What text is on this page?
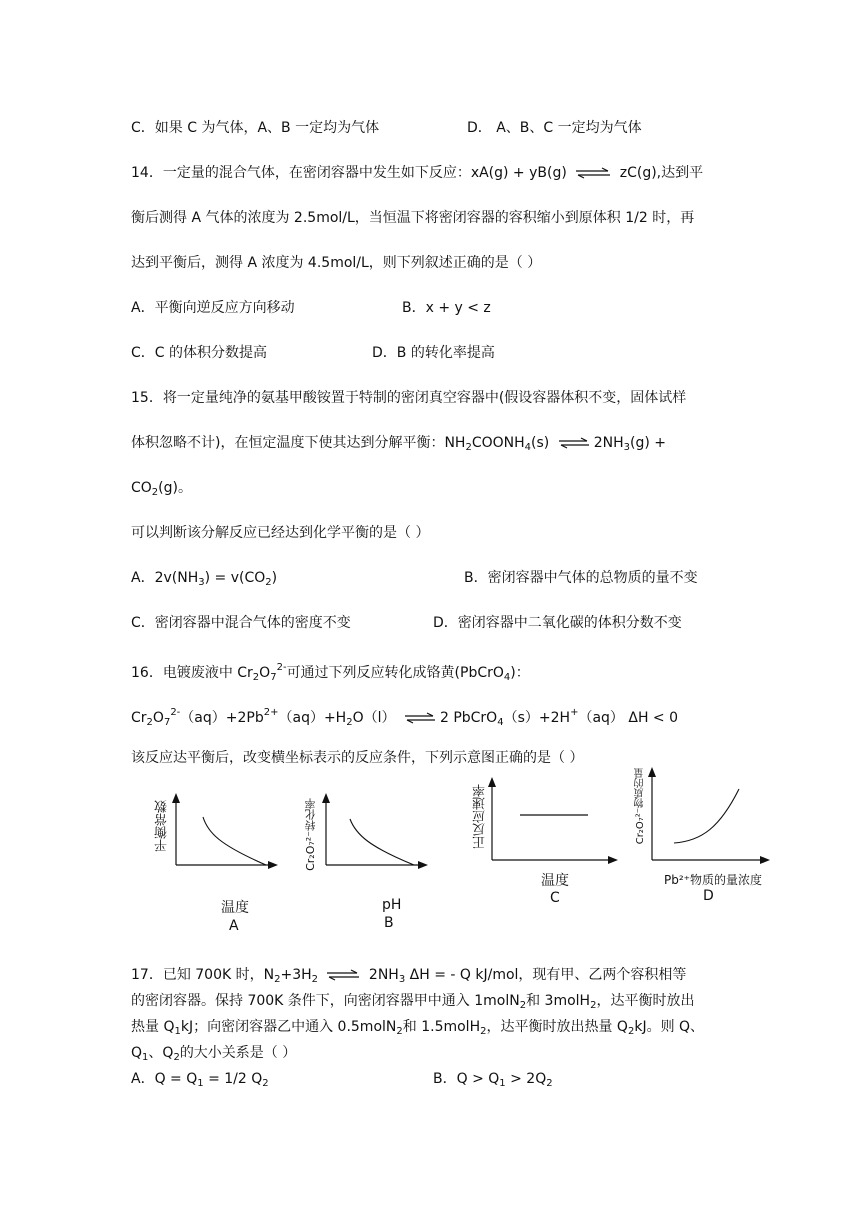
C．如果 C 为气体，A、B 一定均为气体	D． A、B、C 一定均为气体
14．一定量的混合气体，在密闭容器中发生如下反应：xA(g) + yB(g) ⇌ zC(g),达到平
衡后测得 A 气体的浓度为 2.5mol/L，当恒温下将密闭容器的容积缩小到原体积 1/2 时，再
达到平衡后，测得 A 浓度为 4.5mol/L，则下列叙述正确的是（ ）
A．平衡向逆反应方向移动	B．x + y < z
C．C 的体积分数提高	D．B 的转化率提高
15．将一定量纯净的氨基甲酸铵置于特制的密闭真空容器中(假设容器体积不变，固体试样
体积忽略不计)，在恒定温度下使其达到分解平衡：$NH_2COONH_4(s)$ ⇌ $2NH_3(g)$ +
$CO_2(g)$。
可以判断该分解反应已经达到化学平衡的是（ ）
A．$2v(NH_3) = v(CO_2)$	B．密闭容器中气体的总物质的量不变
C．密闭容器中混合气体的密度不变	D．密闭容器中二氧化碳的体积分数不变
16．电镀废液中 $Cr_2O_7^{2-}$可通过下列反应转化成铬黄(PbCrO$_4$)：
$Cr_2O_7^{2-}(aq)+2Pb^{2+}(aq)+H_2O(l)$ ⇌ 2 PbCrO$_4$（s）+2H+（aq） ΔH < 0
该反应达平衡后，改变横坐标表示的反应条件，下列示意图正确的是（ ）
平衡常数
温度
A
Cr₂O₇²⁻转化率
pH
B
正反应速率
温度
C
Cr₂O₇²⁻物质的量
Pb²⁺物质的量浓度
D
17．已知 700K 时，$N_2+3H_2$ ⇌ $2NH_3$ ΔH = - Q kJ/mol，现有甲、乙两个容积相等
的密闭容器。保持 700K 条件下，向密闭容器甲中通入 1molN$_2$和 3molH$_2$，达平衡时放出
热量 $Q_1kJ$；向密闭容器乙中通入 0.5molN$_2$和 1.5molH$_2$，达平衡时放出热量 $Q_2kJ$。则 Q、
$Q_1$、$Q_2$的大小关系是（ ）
A．$Q = Q_1 = 1/2$ $Q_2$	B．$Q > Q_1 > 2Q_2$
